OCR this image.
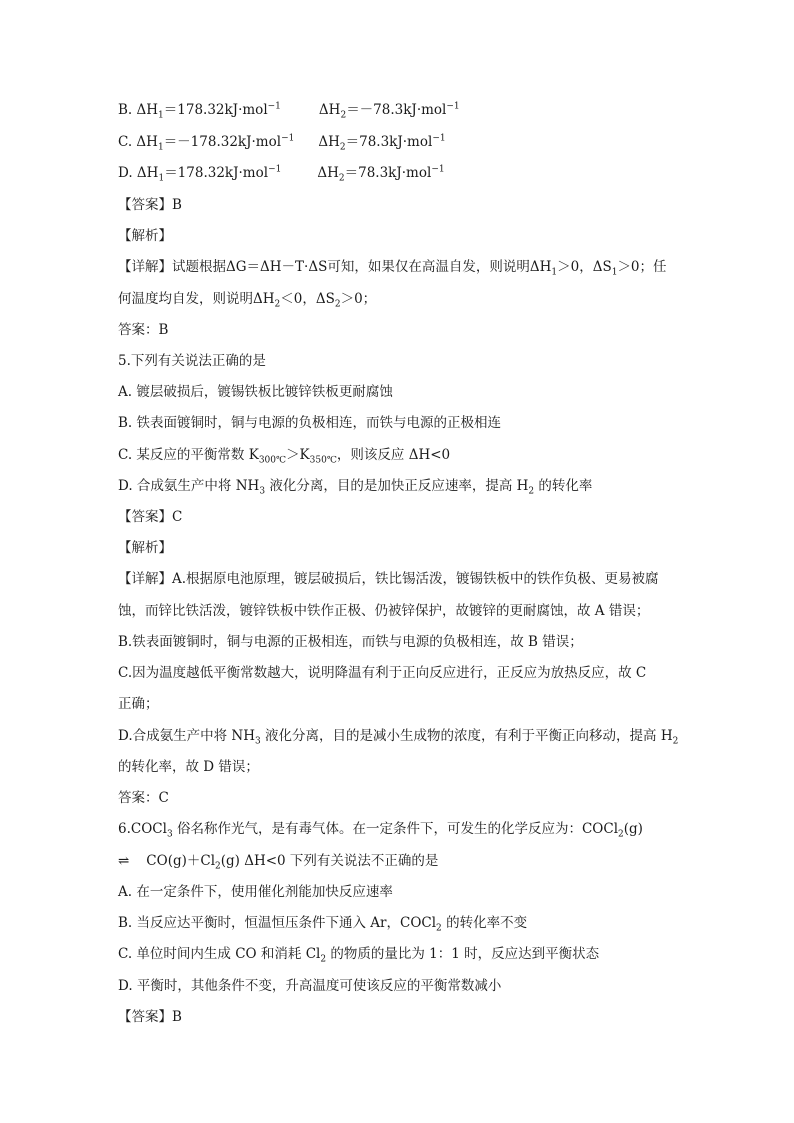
B. $\Delta H_1=178.32kJ\cdot mol^{-1}$	$\Delta H_2=-78.3kJ\cdot mol^{-1}$
C. $\Delta H_1=-178.32kJ\cdot mol^{-1}$ $\Delta H_2=78.3kJ\cdot mol^{-1}$
D. $\Delta H_1=178.32kJ\cdot mol^{-1}$	$\Delta H_2=78.3kJ\cdot mol^{-1}$
【答案】B
【解析】
【详解】试题根据ΔG＝ΔH－T·ΔS可知，如果仅在高温自发，则说明$\Delta H_1>0$，$\Delta S_1>0$；任
何温度均自发，则说明$\Delta H_2<0$，$\Delta S_2>0$；
答案：B
5.下列有关说法正确的是
A. 镀层破损后，镀锡铁板比镀锌铁板更耐腐蚀
B. 铁表面镀铜时，铜与电源的负极相连，而铁与电源的正极相连
C. 某反应的平衡常数 $K_{300℃}>K_{350℃}$，则该反应 ΔH<0
D. 合成氨生产中将 $NH_3$ 液化分离，目的是加快正反应速率，提高 $H_2$ 的转化率
【答案】C
【解析】
【详解】A.根据原电池原理，镀层破损后，铁比锡活泼，镀锡铁板中的铁作负极、更易被腐
蚀，而锌比铁活泼，镀锌铁板中铁作正极、仍被锌保护，故镀锌的更耐腐蚀，故 A 错误；
B.铁表面镀铜时，铜与电源的正极相连，而铁与电源的负极相连，故 B 错误；
C.因为温度越低平衡常数越大，说明降温有利于正向反应进行，正反应为放热反应，故 C
正确；
D.合成氨生产中将 $NH_3$ 液化分离，目的是减小生成物的浓度，有利于平衡正向移动，提高 $H_2$
的转化率，故 D 错误；
答案：C
6.COCl$_3$ 俗名称作光气，是有毒气体。在一定条件下，可发生的化学反应为：COCl$_2$(g)
⇌ $CO(g)+Cl_2(g)$ ΔH<0 下列有关说法不正确的是
A. 在一定条件下，使用催化剂能加快反应速率
B. 当反应达平衡时，恒温恒压条件下通入 Ar，COCl$_2$ 的转化率不变
C. 单位时间内生成 CO 和消耗 $Cl_2$ 的物质的量比为 1：1 时，反应达到平衡状态
D. 平衡时，其他条件不变，升高温度可使该反应的平衡常数减小
【答案】B
